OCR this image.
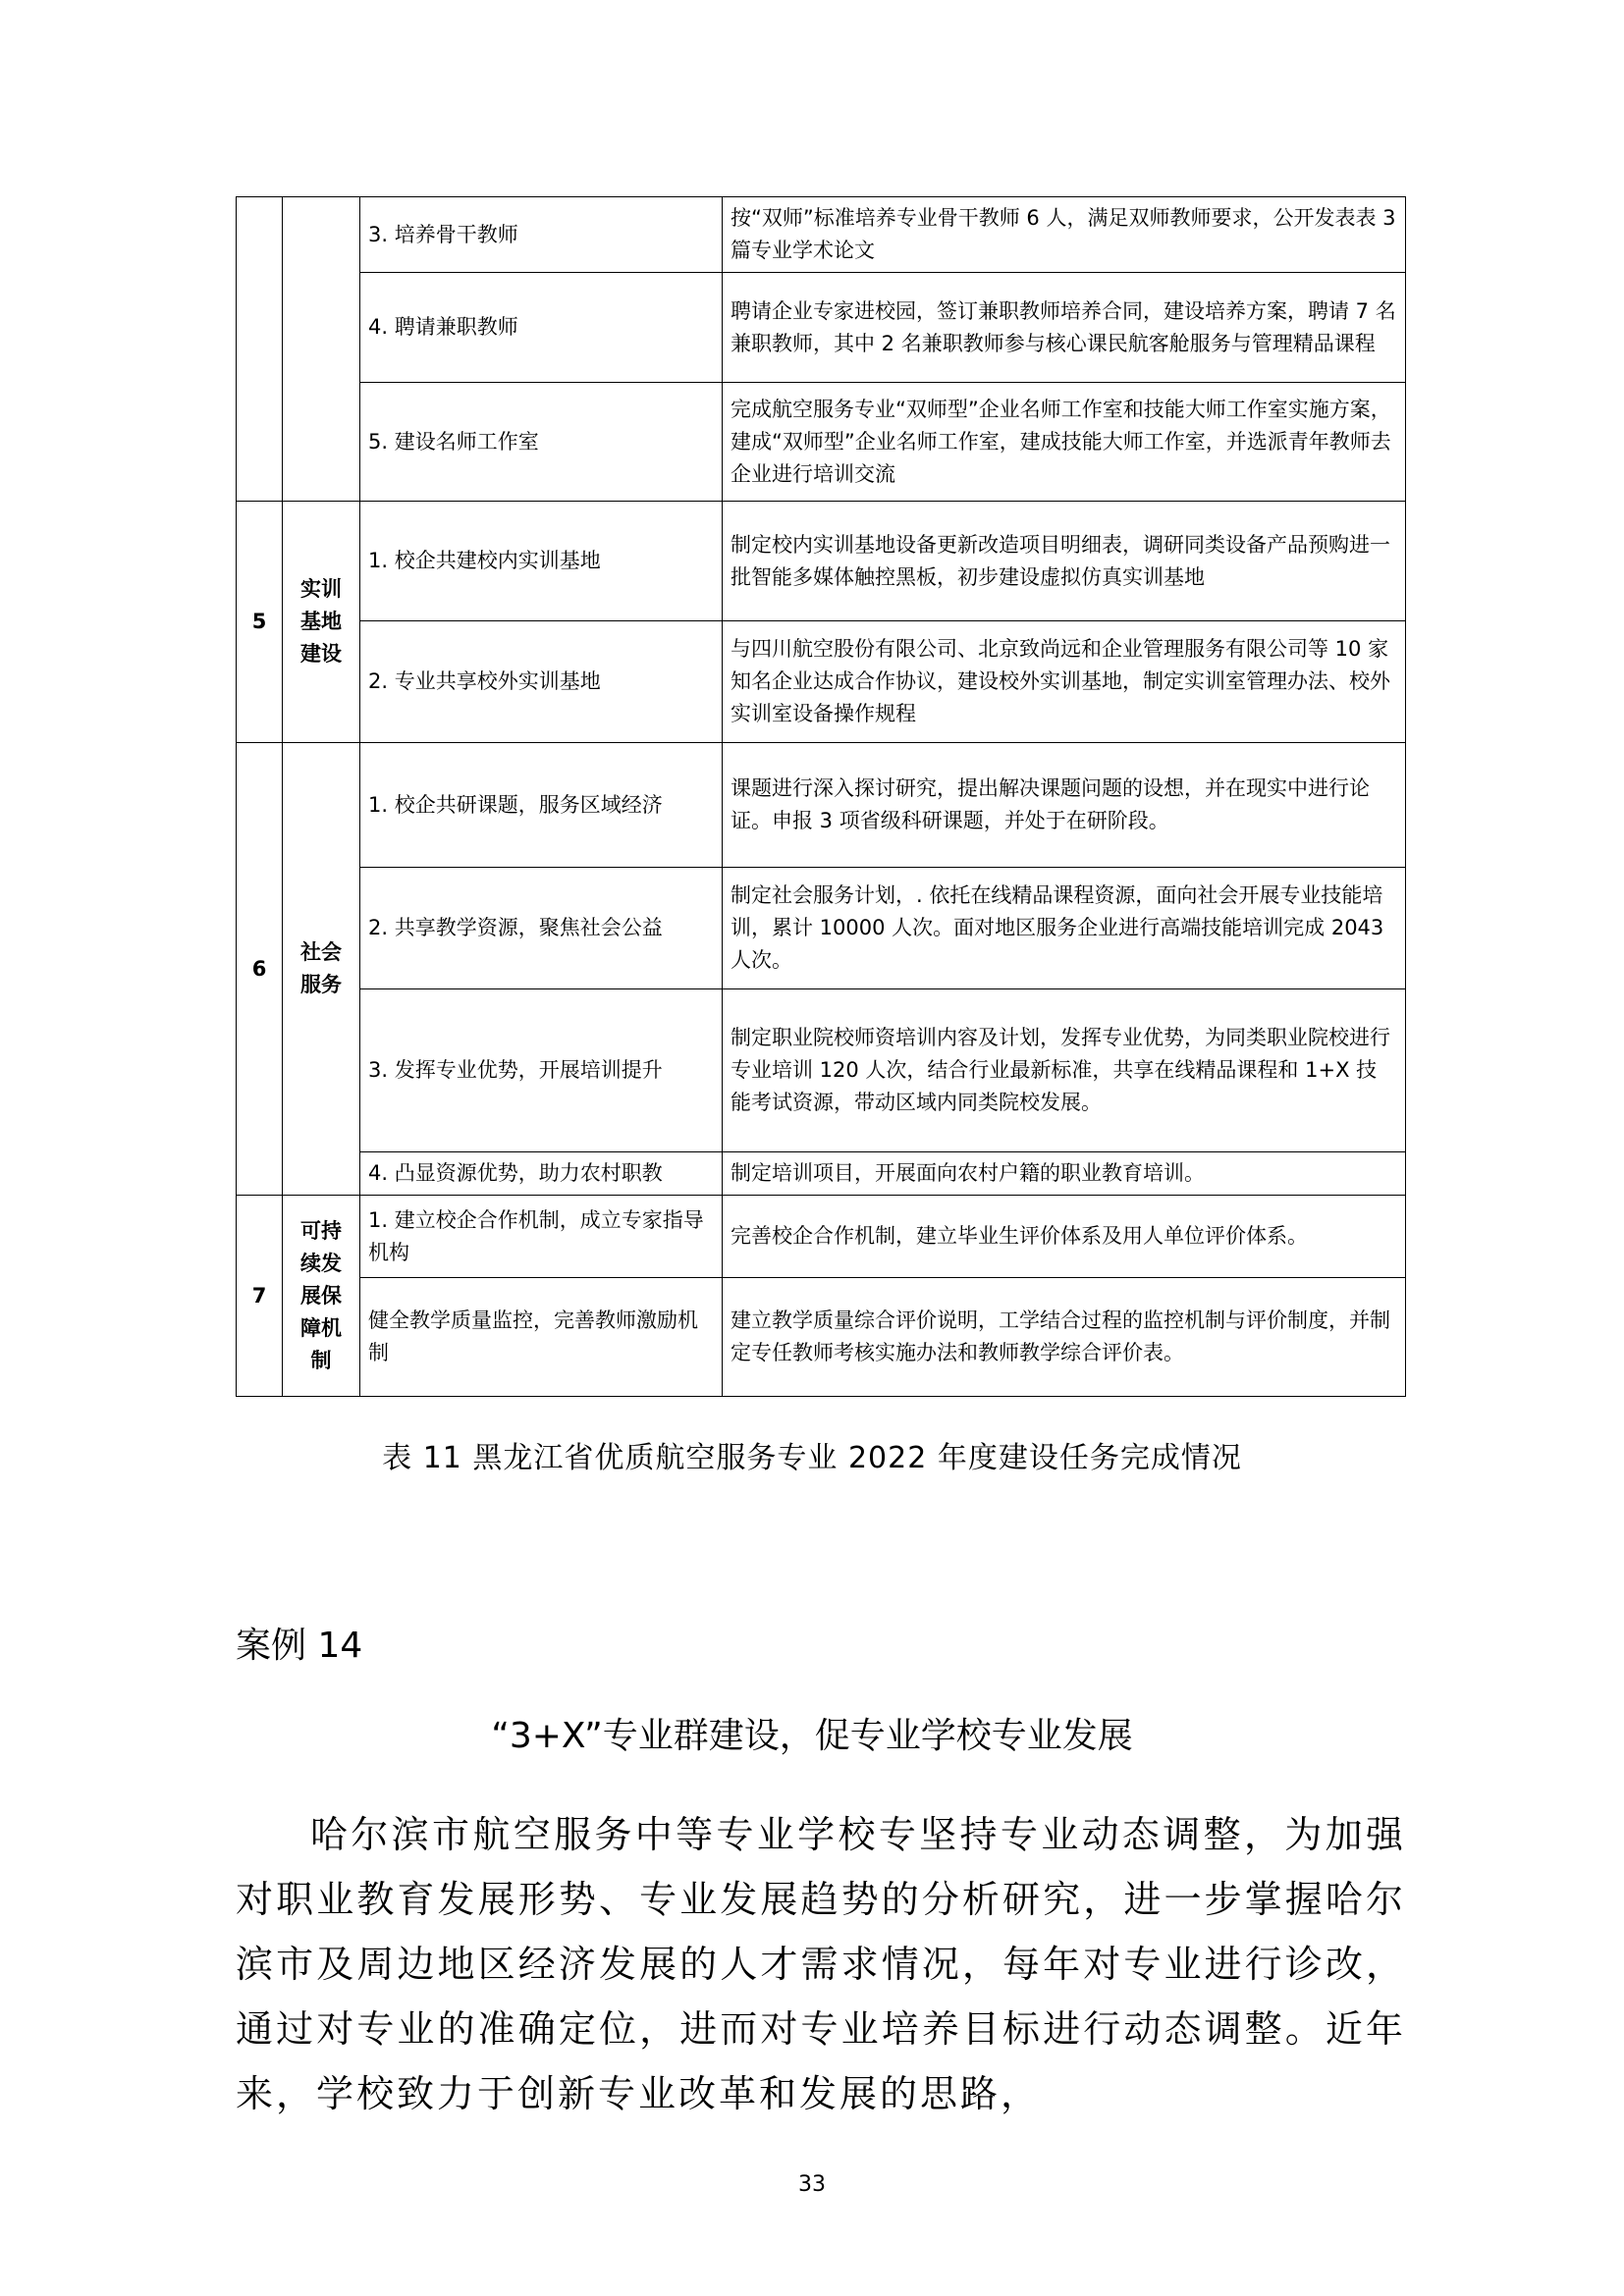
		3. 培养骨干教师	按“双师”标准培养专业骨干教师 6 人，满足双师教师要求，公开发表表 3 篇专业学术论文
		4. 聘请兼职教师	聘请企业专家进校园，签订兼职教师培养合同，建设培养方案，聘请 7 名兼职教师，其中 2 名兼职教师参与核心课民航客舱服务与管理精品课程
		5. 建设名师工作室	完成航空服务专业“双师型”企业名师工作室和技能大师工作室实施方案，建成“双师型”企业名师工作室，建成技能大师工作室，并选派青年教师去企业进行培训交流
5	实训基地建设	1. 校企共建校内实训基地	制定校内实训基地设备更新改造项目明细表，调研同类设备产品预购进一批智能多媒体触控黑板，初步建设虚拟仿真实训基地
		2. 专业共享校外实训基地	与四川航空股份有限公司、北京致尚远和企业管理服务有限公司等 10 家知名企业达成合作协议，建设校外实训基地，制定实训室管理办法、校外实训室设备操作规程
6	社会服务	1. 校企共研课题，服务区域经济	课题进行深入探讨研究，提出解决课题问题的设想，并在现实中进行论证。申报 3 项省级科研课题，并处于在研阶段。
		2. 共享教学资源，聚焦社会公益	制定社会服务计划，. 依托在线精品课程资源，面向社会开展专业技能培训，累计 10000 人次。面对地区服务企业进行高端技能培训完成 2043 人次。
		3. 发挥专业优势，开展培训提升	制定职业院校师资培训内容及计划，发挥专业优势，为同类职业院校进行专业培训 120 人次，结合行业最新标准，共享在线精品课程和 1+X 技能考试资源，带动区域内同类院校发展。
		4. 凸显资源优势，助力农村职教	制定培训项目，开展面向农村户籍的职业教育培训。
7	可持续发展保障机制	1. 建立校企合作机制，成立专家指导机构	完善校企合作机制，建立毕业生评价体系及用人单位评价体系。
		健全教学质量监控，完善教师激励机制	建立教学质量综合评价说明，工学结合过程的监控机制与评价制度，并制定专任教师考核实施办法和教师教学综合评价表。
表 11 黑龙江省优质航空服务专业 2022 年度建设任务完成情况
案例 14
“3+X”专业群建设，促专业学校专业发展

哈尔滨市航空服务中等专业学校专坚持专业动态调整，为加强对职业教育发展形势、专业发展趋势的分析研究，进一步掌握哈尔滨市及周边地区经济发展的人才需求情况，每年对专业进行诊改，通过对专业的准确定位，进而对专业培养目标进行动态调整。近年来，学校致力于创新专业改革和发展的思路，

33
